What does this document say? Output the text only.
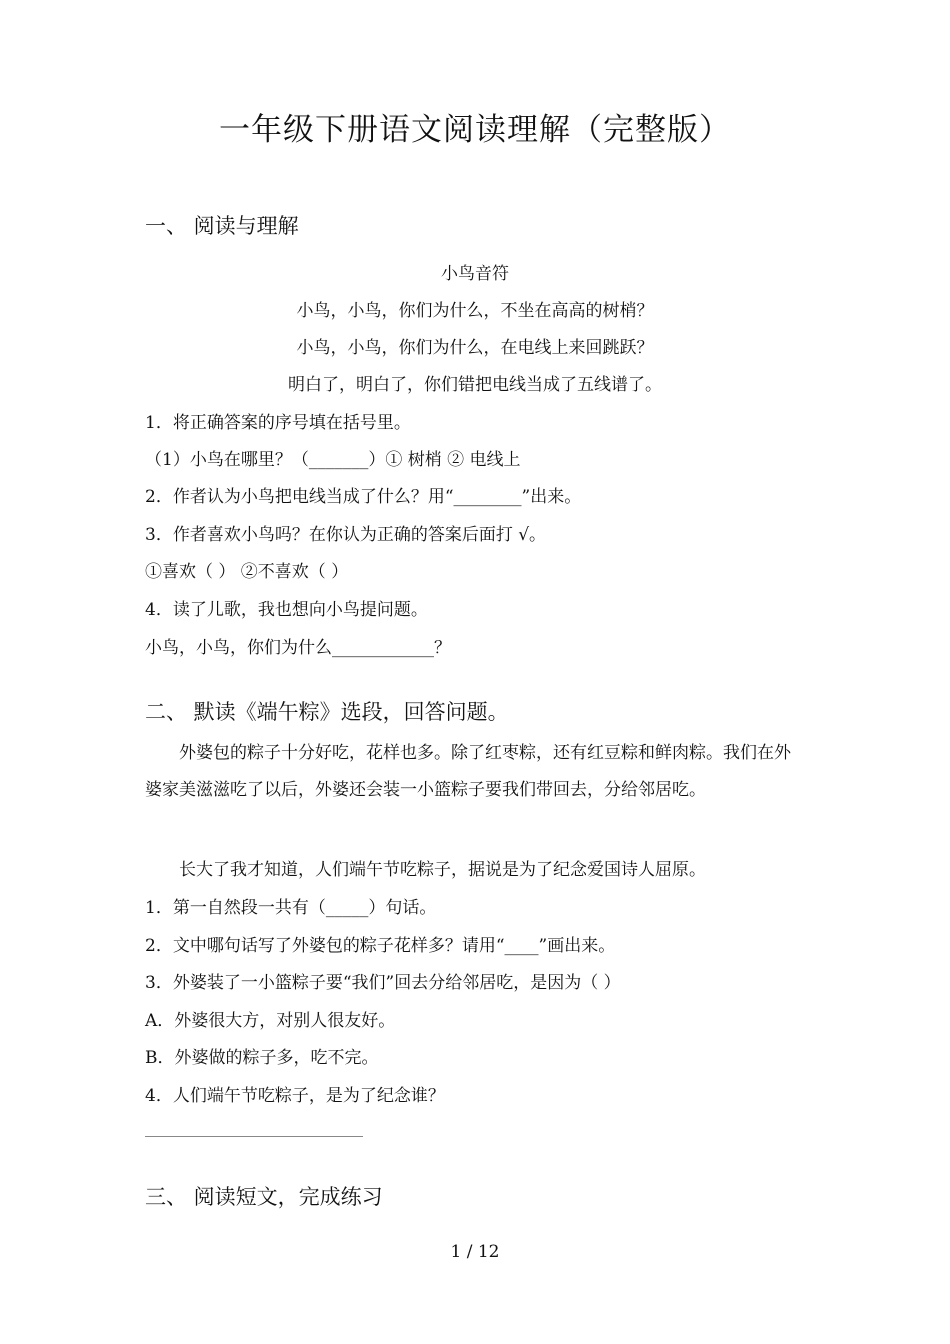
一年级下册语文阅读理解（完整版）
一、 阅读与理解
小鸟音符
小鸟，小鸟，你们为什么，不坐在高高的树梢？
小鸟，小鸟，你们为什么，在电线上来回跳跃？
明白了，明白了，你们错把电线当成了五线谱了。
1．将正确答案的序号填在括号里。
（1）小鸟在哪里？（_______）① 树梢 ② 电线上
2．作者认为小鸟把电线当成了什么？用“________”出来。
3．作者喜欢小鸟吗？在你认为正确的答案后面打 √。
①喜欢（ ） ②不喜欢（ ）
4．读了儿歌，我也想向小鸟提问题。
小鸟，小鸟，你们为什么____________？
二、 默读《端午粽》选段，回答问题。
外婆包的粽子十分好吃，花样也多。除了红枣粽，还有红豆粽和鲜肉粽。我们在外婆家美滋滋吃了以后，外婆还会装一小篮粽子要我们带回去，分给邻居吃。
长大了我才知道，人们端午节吃粽子，据说是为了纪念爱国诗人屈原。
1．第一自然段一共有（_____）句话。
2．文中哪句话写了外婆包的粽子花样多？请用“____”画出来。
3．外婆装了一小篮粽子要“我们”回去分给邻居吃，是因为（ ）
A．外婆很大方，对别人很友好。
B．外婆做的粽子多，吃不完。
4．人们端午节吃粽子，是为了纪念谁？
三、 阅读短文，完成练习
1 / 12
